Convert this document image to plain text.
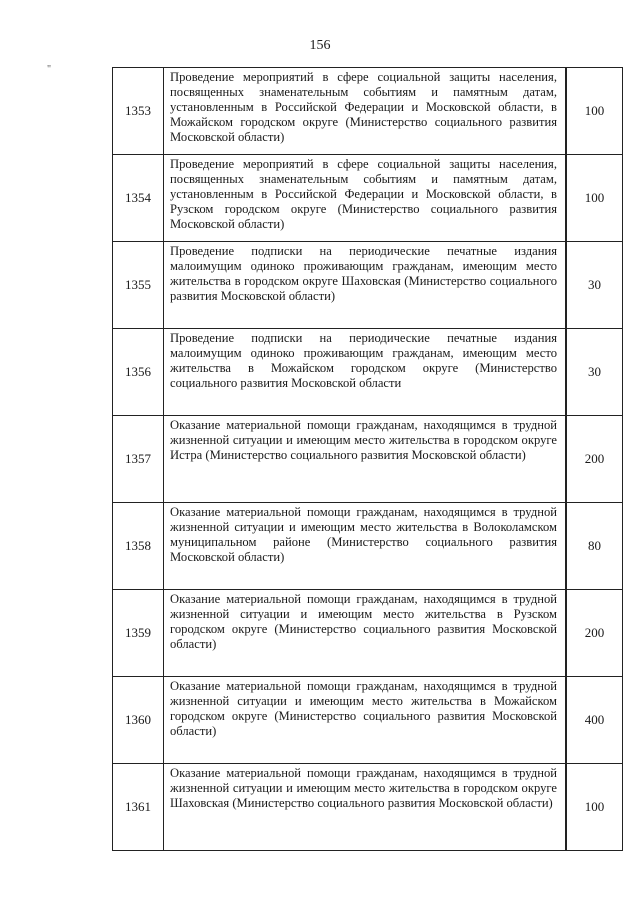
156
"
1353	Проведение мероприятий в сфере социальной защиты населения, посвященных знаменательным событиям и памятным датам, установленным в Российской Федерации и Московской области, в Можайском городском округе (Министерство социального развития Московской области)	100
1354	Проведение мероприятий в сфере социальной защиты населения, посвященных знаменательным событиям и памятным датам, установленным в Российской Федерации и Московской области, в Рузском городском округе (Министерство социального развития Московской области)	100
1355	Проведение подписки на периодические печатные издания малоимущим одиноко проживающим гражданам, имеющим место жительства в городском округе Шаховская (Министерство социального развития Московской области)	30
1356	Проведение подписки на периодические печатные издания малоимущим одиноко проживающим гражданам, имеющим место жительства в Можайском городском округе (Министерство социального развития Московской области	30
1357	Оказание материальной помощи гражданам, находящимся в трудной жизненной ситуации и имеющим место жительства в городском округе Истра (Министерство социального развития Московской области)	200
1358	Оказание материальной помощи гражданам, находящимся в трудной жизненной ситуации и имеющим место жительства в Волоколамском муниципальном районе (Министерство социального развития Московской области)	80
1359	Оказание материальной помощи гражданам, находящимся в трудной жизненной ситуации и имеющим место жительства в Рузском городском округе (Министерство социального развития Московской области)	200
1360	Оказание материальной помощи гражданам, находящимся в трудной жизненной ситуации и имеющим место жительства в Можайском городском округе (Министерство социального развития Московской области)	400
1361	Оказание материальной помощи гражданам, находящимся в трудной жизненной ситуации и имеющим место жительства в городском округе Шаховская (Министерство социального развития Московской области)	100
